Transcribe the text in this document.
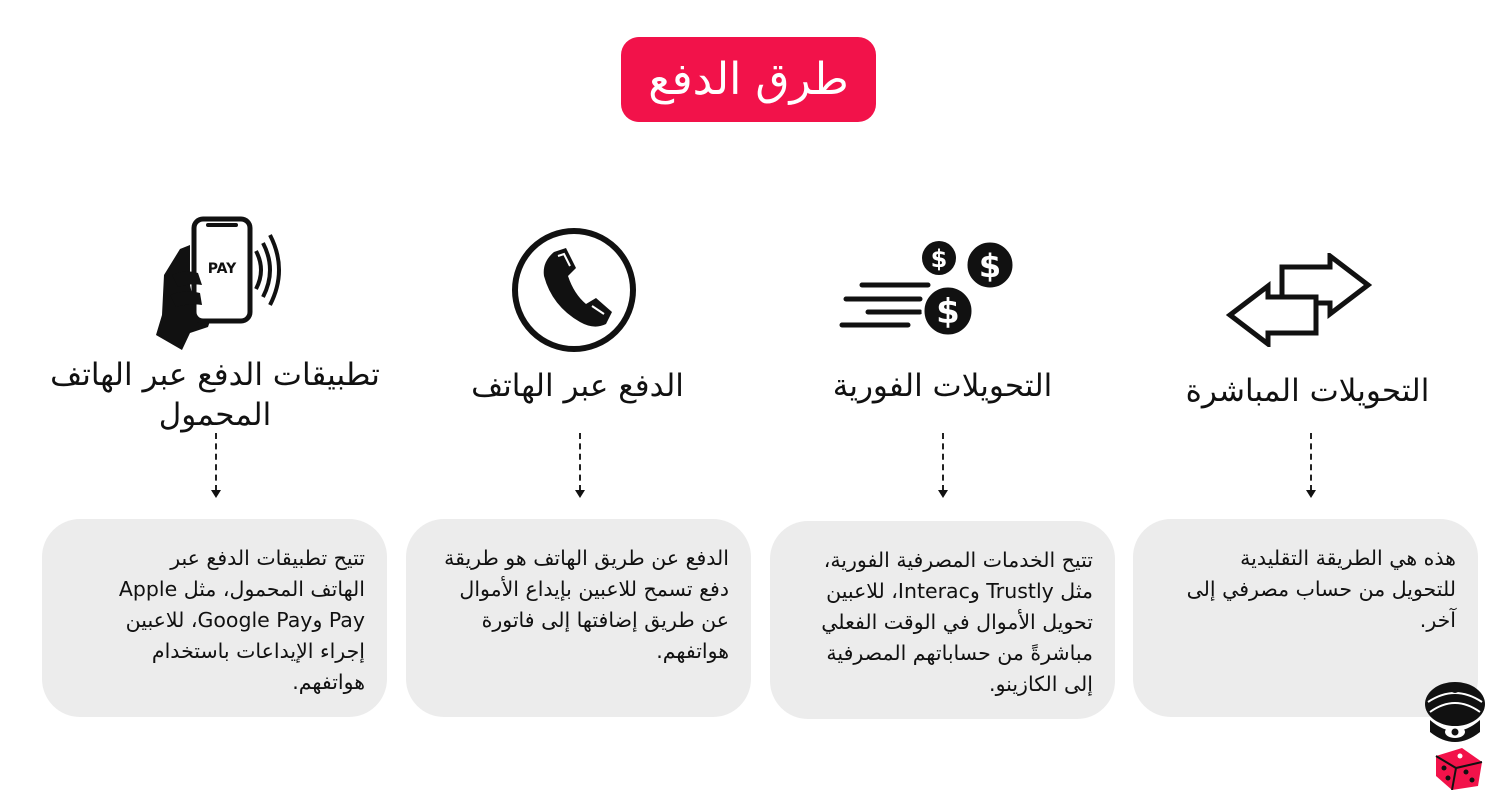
طرق الدفع
PAY
تطبيقات الدفع عبر الهاتف المحمول
تتيح تطبيقات الدفع عبر
الهاتف المحمول، مثل Apple
Pay وGoogle Pay، للاعبين
إجراء الإيداعات باستخدام
هواتفهم.
الدفع عبر الهاتف
الدفع عن طريق الهاتف هو طريقة
دفع تسمح للاعبين بإيداع الأموال
عن طريق إضافتها إلى فاتورة
هواتفهم.
$ $
$
التحويلات الفورية
تتيح الخدمات المصرفية الفورية،
مثل Trustly وInterac، للاعبين
تحويل الأموال في الوقت الفعلي
مباشرةً من حساباتهم المصرفية
إلى الكازينو.
التحويلات المباشرة
هذه هي الطريقة التقليدية
للتحويل من حساب مصرفي إلى
آخر.
